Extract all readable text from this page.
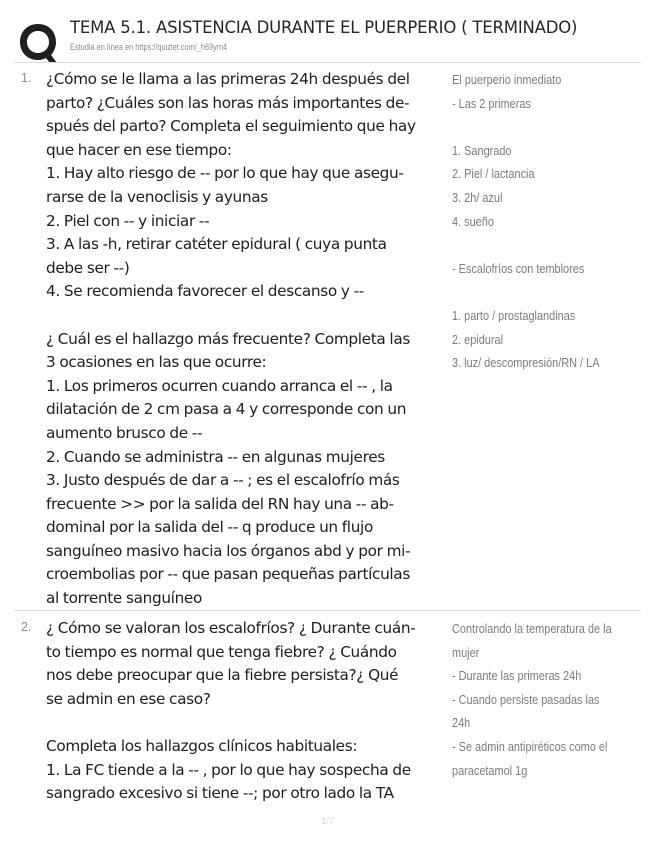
TEMA 5.1. ASISTENCIA DURANTE EL PUERPERIO ( TERMINADO)
Estudia en línea en https://quizlet.com/_h69ym4
1. ¿Cómo se le llama a las primeras 24h después del
parto? ¿Cuáles son las horas más importantes de-
spués del parto? Completa el seguimiento que hay
que hacer en ese tiempo:
1. Hay alto riesgo de -- por lo que hay que asegu-
rarse de la venoclisis y ayunas
2. Piel con -- y iniciar --
3. A las -h, retirar catéter epidural ( cuya punta
debe ser --)
4. Se recomienda favorecer el descanso y --
¿ Cuál es el hallazgo más frecuente? Completa las
3 ocasiones en las que ocurre:
1. Los primeros ocurren cuando arranca el -- , la
dilatación de 2 cm pasa a 4 y corresponde con un
aumento brusco de --
2. Cuando se administra -- en algunas mujeres
3. Justo después de dar a -- ; es el escalofrío más
frecuente >> por la salida del RN hay una -- ab-
dominal por la salida del -- q produce un flujo
sanguíneo masivo hacia los órganos abd y por mi-
croembolias por -- que pasan pequeñas partículas
al torrente sanguíneo
El puerperio inmediato
- Las 2 primeras
1. Sangrado
2. Piel / lactancia
3. 2h/ azul
4. sueño
- Escalofríos con temblores
1. parto / prostaglandinas
2. epidural
3. luz/ descompresión/RN / LA
2. ¿ Cómo se valoran los escalofríos? ¿ Durante cuán-
to tiempo es normal que tenga fiebre? ¿ Cuándo
nos debe preocupar que la fiebre persista?¿ Qué
se admin en ese caso?
Completa los hallazgos clínicos habituales:
1. La FC tiende a la -- , por lo que hay sospecha de
sangrado excesivo si tiene --; por otro lado la TA
Controlando la temperatura de la
mujer
- Durante las primeras 24h
- Cuando persiste pasadas las
24h
- Se admin antipiréticos como el
paracetamol 1g
1/7
